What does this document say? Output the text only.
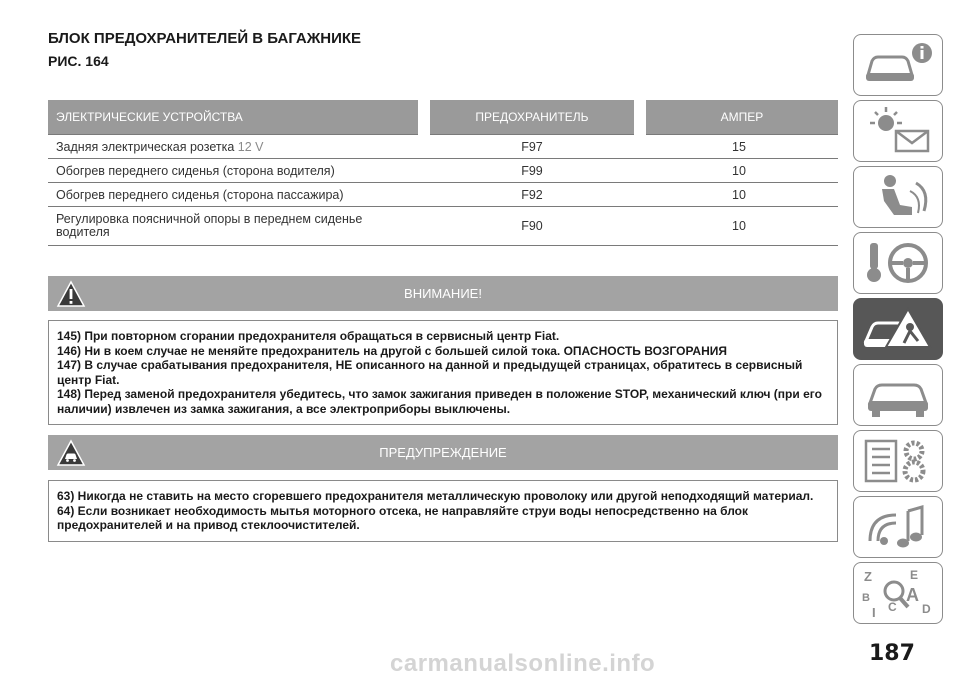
БЛОК ПРЕДОХРАНИТЕЛЕЙ В БАГАЖНИКЕ
РИС. 164
ЭЛЕКТРИЧЕСКИЕ УСТРОЙСТВА	ПРЕДОХРАНИТЕЛЬ	АМПЕР
Задняя электрическая розетка 12 V	F97	15
Обогрев переднего сиденья (сторона водителя)	F99	10
Обогрев переднего сиденья (сторона пассажира)	F92	10
Регулировка поясничной опоры в переднем сиденье
водителя	F90	10
ВНИМАНИЕ!

145) При повторном сгорании предохранителя обращаться в сервисный центр Fiat.

146) Ни в коем случае не меняйте предохранитель на другой с большей силой тока. ОПАСНОСТЬ ВОЗГОРАНИЯ

147) В случае срабатывания предохранителя, НЕ описанного на данной и предыдущей страницах, обратитесь в сервисный центр Fiat.

148) Перед заменой предохранителя убедитесь, что замок зажигания приведен в положение STOP, механический ключ (при его наличии) извлечен из замка зажигания, а все электроприборы выключены.

ПРЕДУПРЕЖДЕНИЕ

63) Никогда не ставить на место сгоревшего предохранителя металлическую проволоку или другой неподходящий материал.

64) Если возникает необходимость мытья моторного отсека, не направляйте струи воды непосредственно на блок предохранителей и на привод стеклоочистителей.

Z	E
B A
I C D
carmanualsonline.info	187
